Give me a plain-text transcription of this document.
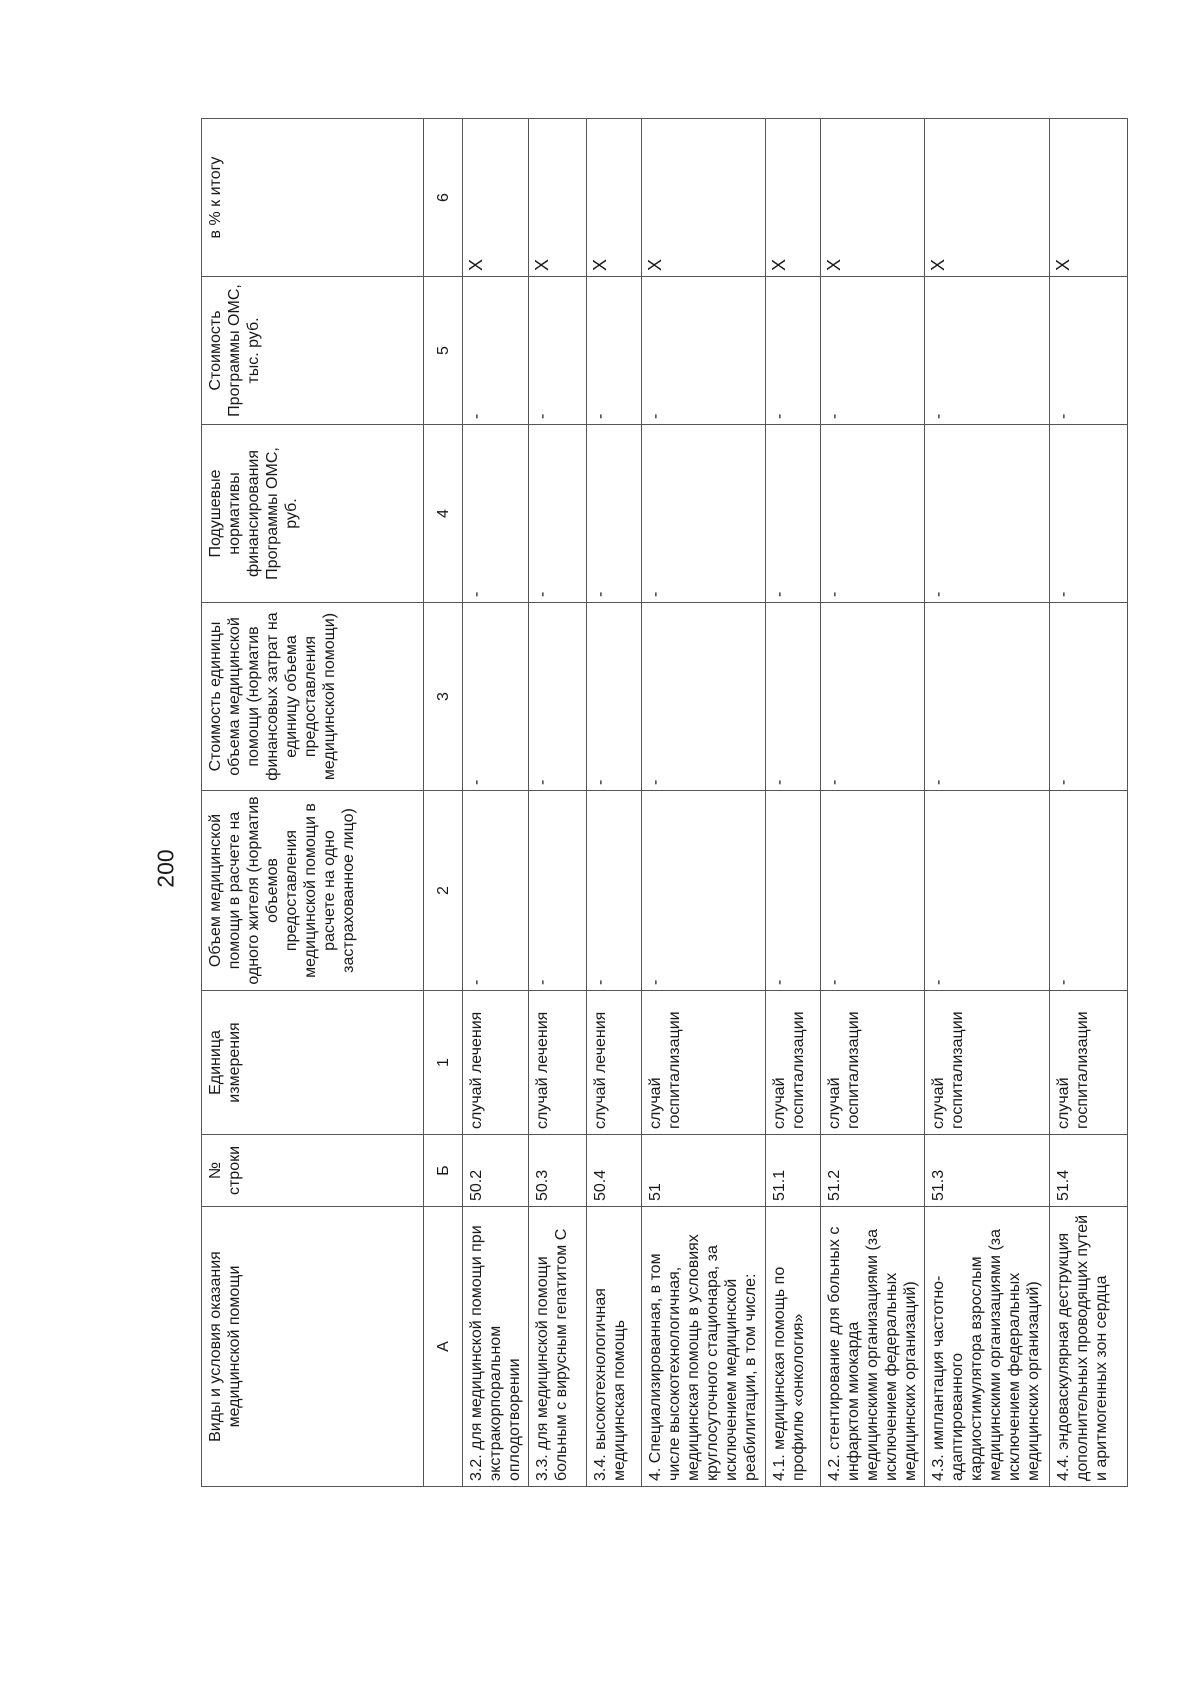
200
Виды и условия оказания медицинской помощи	№ строки	Единица измерения	Объем медицинской помощи в расчете на одного жителя (норматив объемов предоставления медицинской помощи в расчете на одно застрахованное лицо)	Стоимость единицы объема медицинской помощи (норматив финансовых затрат на единицу объема предоставления медицинской помощи)	Подушевые нормативы финансирования Программы ОМС, руб.	Стоимость Программы ОМС, тыс. руб.	в % к итогу
А	Б	1	2	3	4	5	6
3.2. для медицинской помощи при экстракорпоральном оплодотворении	50.2	случай лечения	-	-	-	-	Х
3.3. для медицинской помощи больным с вирусным гепатитом С	50.3	случай лечения	-	-	-	-	Х
3.4. высокотехнологичная медицинская помощь	50.4	случай лечения	-	-	-	-	Х
4. Специализированная, в том числе высокотехнологичная, медицинская помощь в условиях круглосуточного стационара, за исключением медицинской реабилитации, в том числе:	51	случай госпитализации	-	-	-	-	Х
4.1. медицинская помощь по профилю «онкология»	51.1	случай госпитализации	-	-	-	-	Х
4.2. стентирование для больных с инфарктом миокарда медицинскими организациями (за исключением федеральных медицинских организаций)	51.2	случай госпитализации	-	-	-	-	Х
4.3. имплантация частотно-адаптированного кардиостимулятора взрослым медицинскими организациями (за исключением федеральных медицинских организаций)	51.3	случай госпитализации	-	-	-	-	Х
4.4. эндоваскулярная деструкция дополнительных проводящих путей и аритмогенных зон сердца	51.4	случай госпитализации	-	-	-	-	Х
